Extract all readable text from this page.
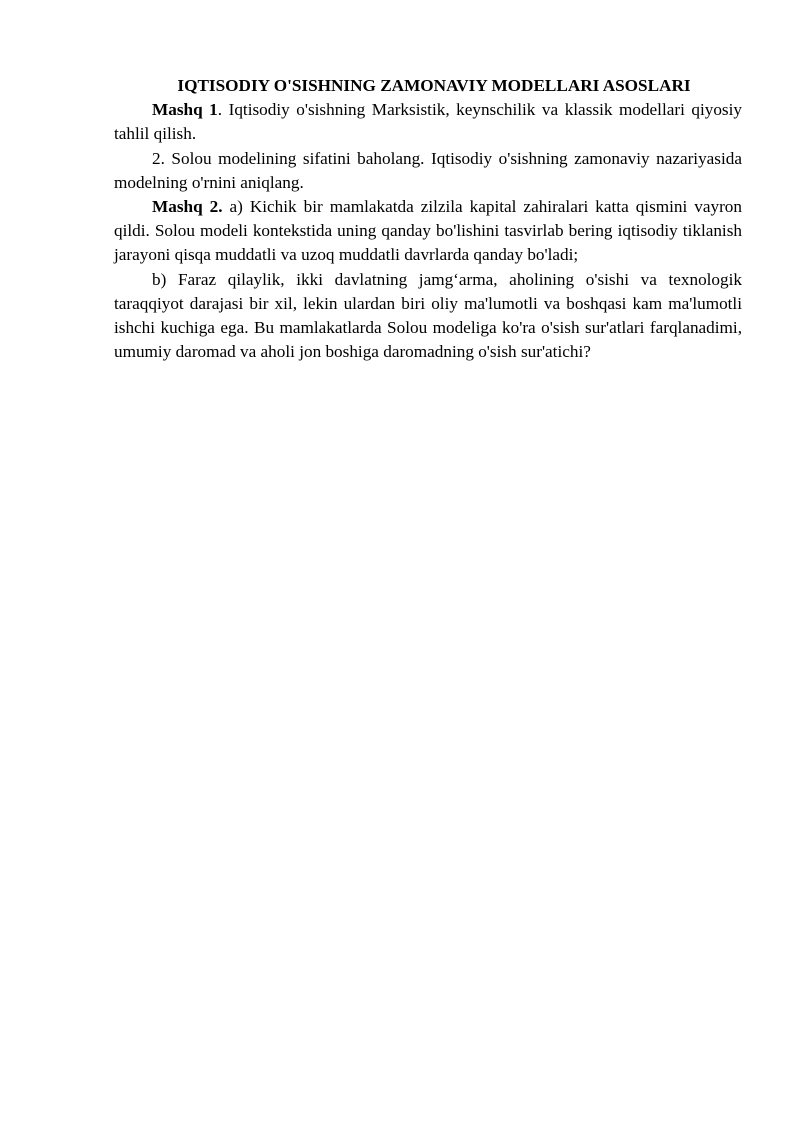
IQTISODIY O'SISHNING ZAMONAVIY MODELLARI ASOSLARI

Mashq 1. Iqtisodiy o'sishning Marksistik, keynschilik va klassik modellari qiyosiy tahlil qilish.

2. Solou modelining sifatini baholang. Iqtisodiy o'sishning zamonaviy nazariyasida modelning o'rnini aniqlang.

Mashq 2. a) Kichik bir mamlakatda zilzila kapital zahiralari katta qismini vayron qildi. Solou modeli kontekstida uning qanday bo'lishini tasvirlab bering iqtisodiy tiklanish jarayoni qisqa muddatli va uzoq muddatli davrlarda qanday bo'ladi;

b) Faraz qilaylik, ikki davlatning jamg‘arma, aholining o'sishi va texnologik taraqqiyot darajasi bir xil, lekin ulardan biri oliy ma'lumotli va boshqasi kam ma'lumotli ishchi kuchiga ega. Bu mamlakatlarda Solou modeliga ko'ra o'sish sur'atlari farqlanadimi, umumiy daromad va aholi jon boshiga daromadning o'sish sur'atichi?
